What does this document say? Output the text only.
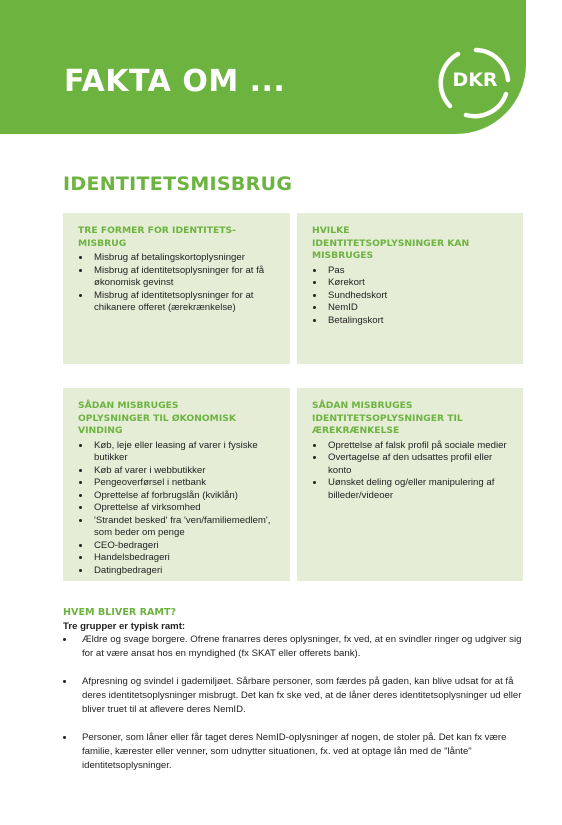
FAKTA OM ...	DKR
IDENTITETSMISBRUG
TRE FORMER FOR IDENTITETS-MISBRUG
• Misbrug af betalingskortoplysninger
• Misbrug af identitetsoplysninger for at få økonomisk gevinst
• Misbrug af identitetsoplysninger for at chikanere offeret (ærekrænkelse)
HVILKE IDENTITETSOPLYSNINGER KAN MISBRUGES
• Pas
• Kørekort
• Sundhedskort
• NemID
• Betalingskort
SÅDAN MISBRUGES OPLYSNINGER TIL ØKONOMISK VINDING
• Køb, leje eller leasing af varer i fysiske butikker
• Køb af varer i webbutikker
• Pengeoverførsel i netbank
• Oprettelse af forbrugslån (kviklån)
• Oprettelse af virksomhed
• 'Strandet besked' fra 'ven/familiemedlem', som beder om penge
• CEO-bedrageri
• Handelsbedrageri
• Datingbedrageri
SÅDAN MISBRUGES IDENTITETSOPLYSNINGER TIL ÆREKRÆNKELSE
• Oprettelse af falsk profil på sociale medier
• Overtagelse af den udsattes profil eller konto
• Uønsket deling og/eller manipulering af billeder/videoer
HVEM BLIVER RAMT?
Tre grupper er typisk ramt:
• Ældre og svage borgere. Ofrene franarres deres oplysninger, fx ved, at en svindler ringer og udgiver sig for at være ansat hos en myndighed (fx SKAT eller offerets bank).
• Afpresning og svindel i gademiljøet. Sårbare personer, som færdes på gaden, kan blive udsat for at få deres identitetsoplysninger misbrugt. Det kan fx ske ved, at de låner deres identitetsoplysninger ud eller bliver truet til at aflevere deres NemID.
• Personer, som låner eller får taget deres NemID-oplysninger af nogen, de stoler på. Det kan fx være familie, kærester eller venner, som udnytter situationen, fx. ved at optage lån med de "lånte" identitetsoplysninger.
